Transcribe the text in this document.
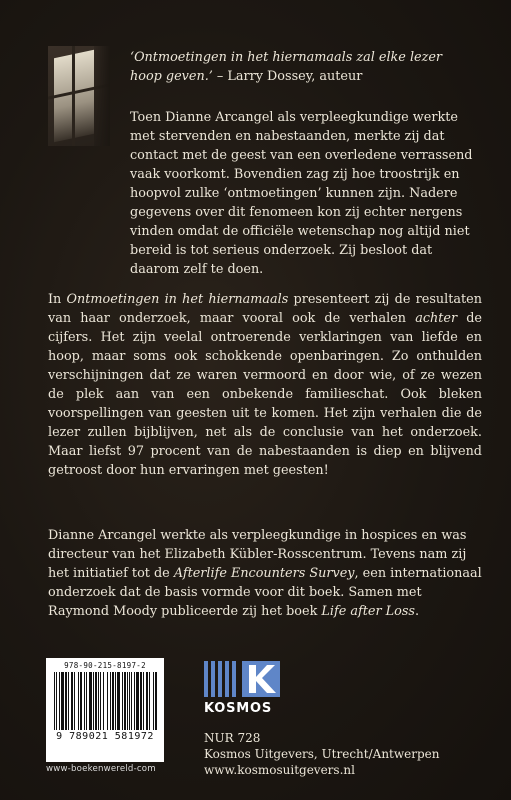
‘Ontmoetingen in het hiernamaals zal elke lezer hoop geven.’ – Larry Dossey, auteur

Toen Dianne Arcangel als verpleegkundige werkte met stervenden en nabestaanden, merkte zij dat contact met de geest van een overledene verrassend vaak voorkomt. Bovendien zag zij hoe troostrijk en hoopvol zulke ‘ontmoetingen’ kunnen zijn. Nadere gegevens over dit fenomeen kon zij echter nergens vinden omdat de officiële wetenschap nog altijd niet bereid is tot serieus onderzoek. Zij besloot dat daarom zelf te doen.

In Ontmoetingen in het hiernamaals presenteert zij de resultaten van haar onderzoek, maar vooral ook de verhalen achter de cijfers. Het zijn veelal ontroerende verklaringen van liefde en hoop, maar soms ook schokkende openbaringen. Zo onthulden verschijningen dat ze waren vermoord en door wie, of ze wezen de plek aan van een onbekende familieschat. Ook bleken voorspellingen van geesten uit te komen. Het zijn verhalen die de lezer zullen bijblijven, net als de conclusie van het onderzoek. Maar liefst 97 procent van de nabestaanden is diep en blijvend getroost door hun ervaringen met geesten!

Dianne Arcangel werkte als verpleegkundige in hospices en was directeur van het Elizabeth Kübler-Rosscentrum. Tevens nam zij het initiatief tot de Afterlife Encounters Survey, een internationaal onderzoek dat de basis vormde voor dit boek. Samen met Raymond Moody publiceerde zij het boek Life after Loss.

978-90-215-8197-2
9 789021 581972
www-boekenwereld-com
KOSMOS
NUR 728
Kosmos Uitgevers, Utrecht/Antwerpen
www.kosmosuitgevers.nl
